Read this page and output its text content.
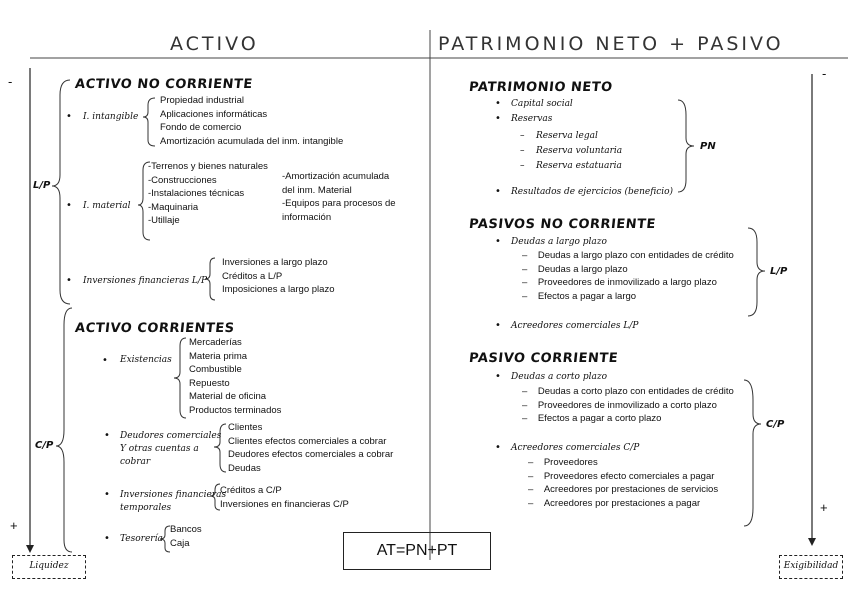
ACTIVO	PATRIMONIO NETO + PASIVO
-
+
L/P
C/P
Liquidez
ACTIVO NO CORRIENTE
• I. intangible
Propiedad industrial
Aplicaciones informáticas
Fondo de comercio
Amortización acumulada del inm. intangible
• I. material
-Terrenos y bienes naturales
-Construcciones
-Instalaciones técnicas
-Maquinaria
-Utillaje
-Amortización acumulada
del inm. Material
-Equipos para procesos de
información
• Inversiones financieras L/P
Inversiones a largo plazo
Créditos a L/P
Imposiciones a largo plazo
ACTIVO CORRIENTES
• Existencias
Mercaderías
Materia prima
Combustible
Repuesto
Material de oficina
Productos terminados
• Deudores comerciales
Y otras cuentas a
cobrar
Clientes
Clientes efectos comerciales a cobrar
Deudores efectos comerciales a cobrar
Deudas
• Inversiones financieras
temporales
Créditos a C/P
Inversiones en financieras C/P
• Tesorería
Bancos
Caja	AT=PN+PT
-
+
Exigibilidad
PN
L/P
C/P
PATRIMONIO NETO
• Capital social
• Reservas
–    Reserva legal
–    Reserva voluntaria
–    Reserva estatuaria
• Resultados de ejercicios (beneficio)
PASIVOS NO CORRIENTE
• Deudas a largo plazo
–    Deudas a largo plazo con entidades de crédito
–    Deudas a largo plazo
–    Proveedores de inmovilizado a largo plazo
–    Efectos a pagar a largo
• Acreedores comerciales L/P
PASIVO CORRIENTE
• Deudas a corto plazo
–    Deudas a corto plazo con entidades de crédito
–    Proveedores de inmovilizado a corto plazo
–    Efectos a pagar a corto plazo
• Acreedores comerciales C/P
–    Proveedores
–    Proveedores efecto comerciales a pagar
–    Acreedores por prestaciones de servicios
–    Acreedores por prestaciones a pagar
